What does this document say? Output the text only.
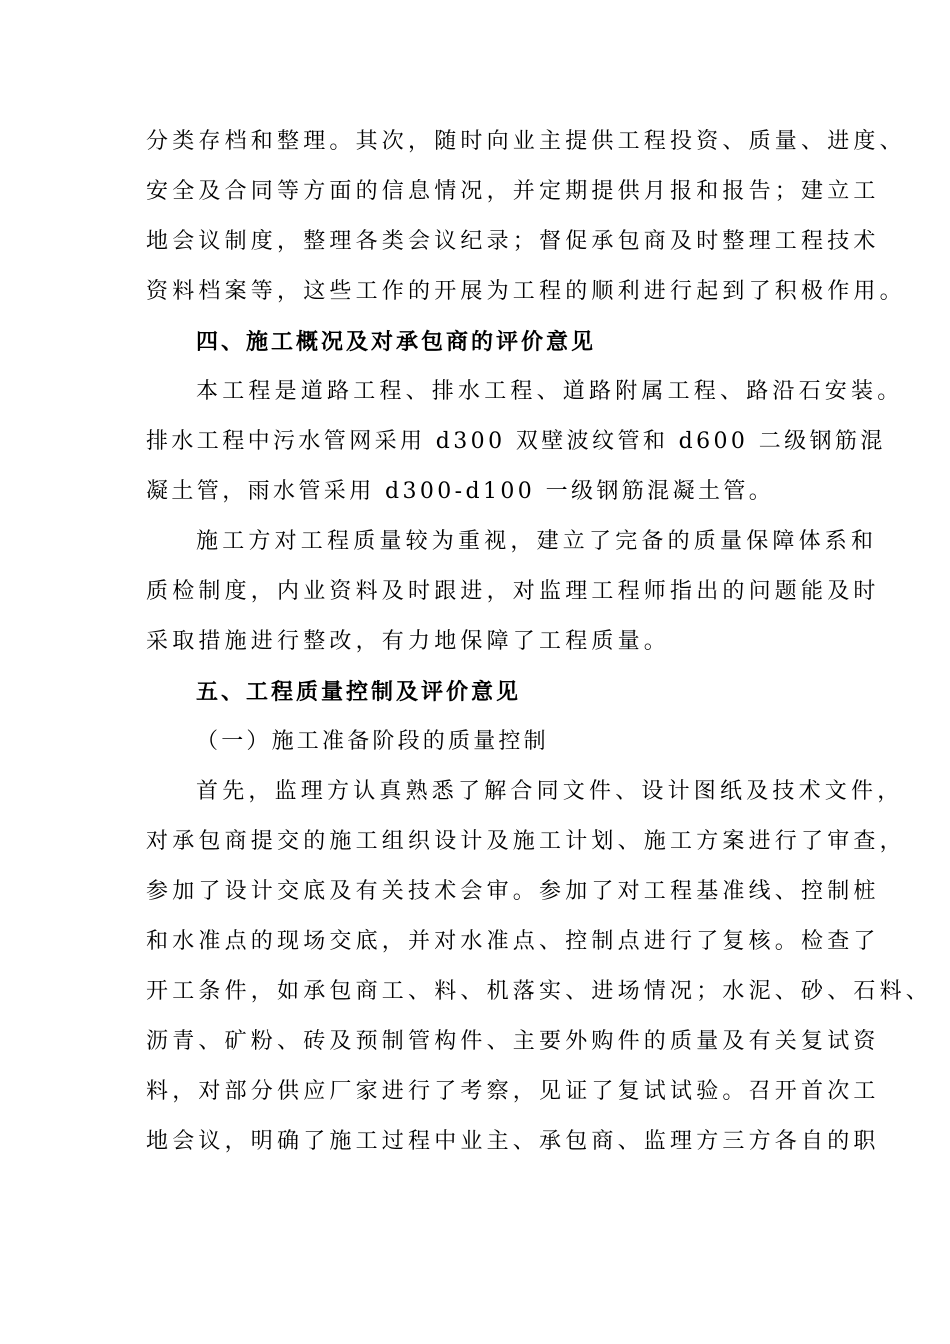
分类存档和整理。其次，随时向业主提供工程投资、质量、进度、
安全及合同等方面的信息情况，并定期提供月报和报告；建立工
地会议制度，整理各类会议纪录；督促承包商及时整理工程技术
资料档案等，这些工作的开展为工程的顺利进行起到了积极作用。
四、施工概况及对承包商的评价意见
本工程是道路工程、排水工程、道路附属工程、路沿石安装。
排水工程中污水管网采用 d300 双壁波纹管和 d600 二级钢筋混
凝土管，雨水管采用 d300-d100 一级钢筋混凝土管。
施工方对工程质量较为重视，建立了完备的质量保障体系和
质检制度，内业资料及时跟进，对监理工程师指出的问题能及时
采取措施进行整改，有力地保障了工程质量。
五、工程质量控制及评价意见
（一）施工准备阶段的质量控制
首先，监理方认真熟悉了解合同文件、设计图纸及技术文件，
对承包商提交的施工组织设计及施工计划、施工方案进行了审查，
参加了设计交底及有关技术会审。参加了对工程基准线、控制桩
和水准点的现场交底，并对水准点、控制点进行了复核。检查了
开工条件，如承包商工、料、机落实、进场情况；水泥、砂、石料、
沥青、矿粉、砖及预制管构件、主要外购件的质量及有关复试资
料，对部分供应厂家进行了考察，见证了复试试验。召开首次工
地会议，明确了施工过程中业主、承包商、监理方三方各自的职
